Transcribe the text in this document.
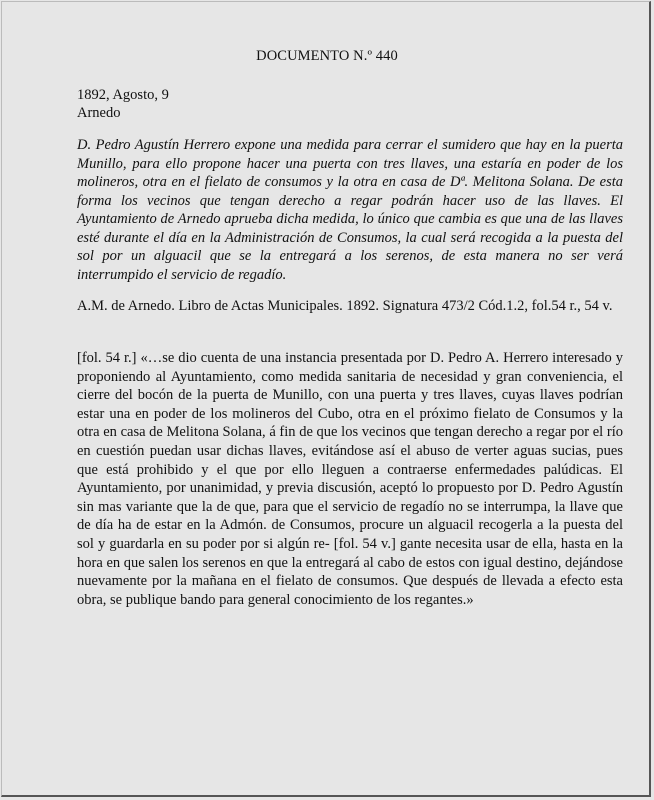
DOCUMENTO N.º 440
1892, Agosto, 9
Arnedo

D. Pedro Agustín Herrero expone una medida para cerrar el sumidero que hay en la puerta Munillo, para ello propone hacer una puerta con tres llaves, una estaría en poder de los molineros, otra en el fielato de consumos y la otra en casa de Dª. Melitona Solana. De esta forma los vecinos que tengan derecho a regar podrán hacer uso de las llaves. El Ayuntamiento de Arnedo aprueba dicha medida, lo único que cambia es que una de las llaves esté durante el día en la Administración de Consumos, la cual será recogida a la puesta del sol por un alguacil que se la entregará a los serenos, de esta manera no ser verá interrumpido el servicio de regadío.

A.M. de Arnedo. Libro de Actas Municipales. 1892. Signatura 473/2 Cód.1.2, fol.54 r., 54 v.

[fol. 54 r.] «…se dio cuenta de una instancia presentada por D. Pedro A. Herrero interesado y proponiendo al Ayuntamiento, como medida sanitaria de necesidad y gran conveniencia, el cierre del bocón de la puerta de Munillo, con una puerta y tres llaves, cuyas llaves podrían estar una en poder de los molineros del Cubo, otra en el próximo fielato de Consumos y la otra en casa de Melitona Solana, á fin de que los vecinos que tengan derecho a regar por el río en cuestión puedan usar dichas llaves, evitándose así el abuso de verter aguas sucias, pues que está prohibido y el que por ello lleguen a contraerse enfermedades palúdicas. El Ayuntamiento, por unanimidad, y previa discusión, aceptó lo propuesto por D. Pedro Agustín sin mas variante que la de que, para que el servicio de regadío no se interrumpa, la llave que de día ha de estar en la Admón. de Consumos, procure un alguacil recogerla a la puesta del sol y guardarla en su poder por si algún re- [fol. 54 v.] gante necesita usar de ella, hasta en la hora en que salen los serenos en que la entregará al cabo de estos con igual destino, dejándose nuevamente por la mañana en el fielato de consumos. Que después de llevada a efecto esta obra, se publique bando para general conocimiento de los regantes.»
